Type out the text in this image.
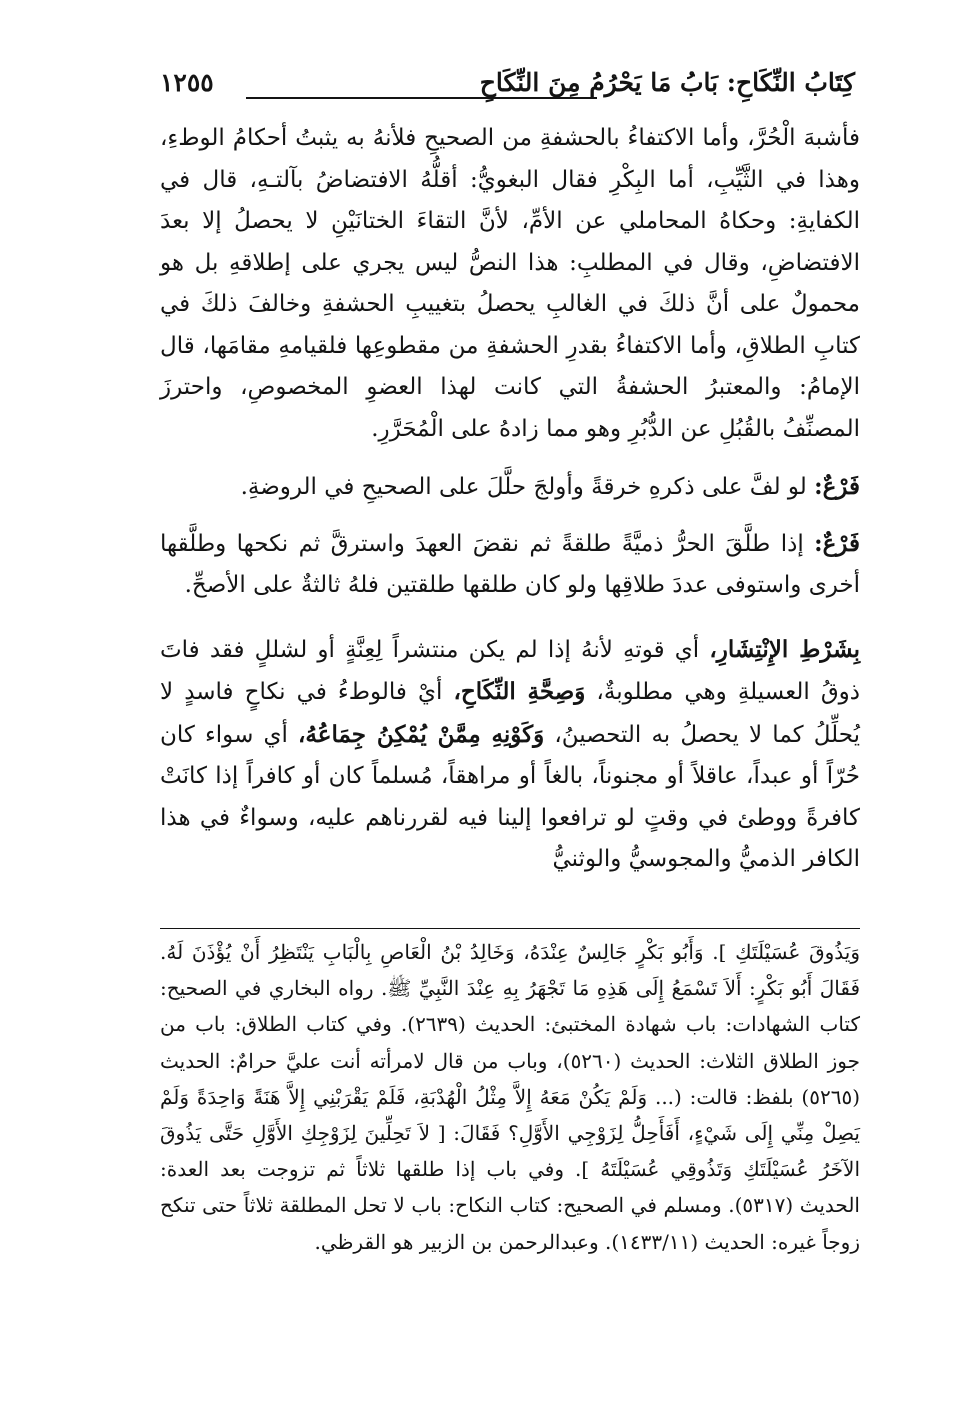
كِتَابُ النِّكَاحِ: بَابُ مَا يَحْرُمُ مِنَ النِّكَاحِ
١٢٥٥

فأشبهَ الْحُرَّ، وأما الاكتفاءُ بالحشفةِ من الصحيحِ فلأنهُ به يثبتُ أحكامُ الوطءِ، وهذا في الثَّيِّبِ، أما البِكْرِ فقال البغويُّ: أقلُّهُ الافتضاضُ بآلتـهِ، قال في الكفايةِ: وحكاهُ المحاملي عن الأمِّ، لأنَّ التقاءَ الختانَيْنِ لا يحصلُ إلا بعدَ الافتضاضِ، وقال في المطلبِ: هذا النصُّ ليس يجري على إطلاقهِ بل هو محمولٌ على أنَّ ذلكَ في الغالبِ يحصلُ بتغييبِ الحشفةِ وخالفَ ذلكَ في كتابِ الطلاقِ، وأما الاكتفاءُ بقدرِ الحشفةِ من مقطوعِها فلقيامهِ مقامَها، قال الإمامُ: والمعتبرُ الحشفةُ التي كانت لهذا العضوِ المخصوصِ، واحترزَ المصنِّفُ بالقُبُلِ عن الدُّبُرِ وهو مما زادهُ على الْمُحَرَّرِ.

فَرْعٌ: لو لفَّ على ذكرهِ خرقةً وأولجَ حلَّلَ على الصحيحِ في الروضةِ.

فَرْعٌ: إذا طلَّقَ الحرُّ ذميَّةً طلقةً ثم نقضَ العهدَ واسترقَّ ثم نكحها وطلَّقها أخرى واستوفى عددَ طلاقِها ولو كان طلقها طلقتين فلهُ ثالثةٌ على الأصحِّ.

بِشَرْطِ الإِنْتِشَارِ، أي قوتهِ لأنهُ إذا لم يكن منتشراً لِعِنَّةٍ أو لشللٍ فقد فاتَ ذوقُ العسيلةِ وهي مطلوبةٌ، وَصِحَّةِ النِّكَاحِ، أيْ فالوطءُ في نكاحٍ فاسدٍ لا يُحلِّلُ كما لا يحصلُ به التحصينُ، وَكَوْنِهِ مِمَّنْ يُمْكِنُ جِمَاعُهُ، أي سواء كان حُرّاً أو عبداً، عاقلاً أو مجنوناً، بالغاً أو مراهقاً، مُسلماً كان أو كافراً إذا كانَتْ كافرةً ووطئ في وقتٍ لو ترافعوا إلينا فيه لقررناهم عليه، وسواءٌ في هذا الكافر الذميُّ والمجوسيُّ والوثنيُّ

وَيَذُوقَ عُسَيْلَتَكِ ]. وَأَبُو بَكْرٍ جَالِسٌ عِنْدَهُ، وَخَالِدُ بْنُ الْعَاصِ بِالْبَابِ يَنْتَظِرُ أَنْ يُؤْذَنَ لَهُ. فَقَالَ أَبُو بَكْرٍ: أَلاَ تَسْمَعُ إِلَى هَذِهِ مَا تَجْهَرُ بِهِ عِنْدَ النَّبِيِّ ﷺ. رواه البخاري في الصحيح: كتاب الشهادات: باب شهادة المختبئ: الحديث (٢٦٣٩). وفي كتاب الطلاق: باب من جوز الطلاق الثلاث: الحديث (٥٢٦٠)، وباب من قال لامرأته أنت عليَّ حرامٌ: الحديث (٥٢٦٥) بلفظ: قالت: (... وَلَمْ يَكُنْ مَعَهُ إِلاَّ مِثْلُ الْهُدْبَةِ، فَلَمْ يَقْرَبْنِي إِلاَّ هَنَةً وَاحِدَةً وَلَمْ يَصِلْ مِنِّي إِلَى شَيْءٍ، أَفَأَحِلُّ لِزَوْجِي الأَوَّلِ؟ فَقَالَ: [ لاَ تَحِلِّينَ لِزَوْجِكِ الأَوَّلِ حَتَّى يَذُوقَ الآخَرُ عُسَيْلَتَكِ وَتَذُوقِي عُسَيْلَتَهُ ]. وفي باب إذا طلقها ثلاثاً ثم تزوجت بعد العدة: الحديث (٥٣١٧). ومسلم في الصحيح: كتاب النكاح: باب لا تحل المطلقة ثلاثاً حتى تنكح زوجاً غيره: الحديث (١٤٣٣/١١). وعبدالرحمن بن الزبير هو القرظي.
